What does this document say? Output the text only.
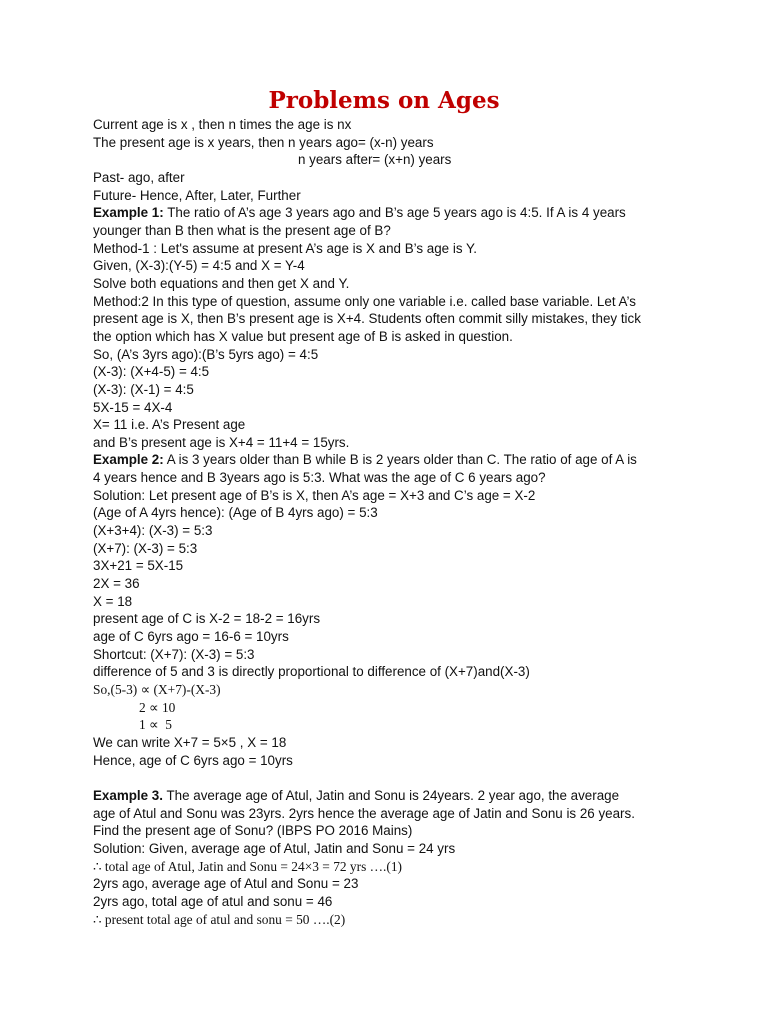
Problems on Ages
Current age is x , then n times the age is nx
The present age is x years, then n years ago= (x-n) years
n years after= (x+n) years
Past- ago, after
Future- Hence, After, Later, Further
Example 1: The ratio of A’s age 3 years ago and B’s age 5 years ago is 4:5. If A is 4 years
younger than B then what is the present age of B?
Method-1 : Let's assume at present A’s age is X and B’s age is Y.
Given, (X-3):(Y-5) = 4:5 and X = Y-4
Solve both equations and then get X and Y.
Method:2 In this type of question, assume only one variable i.e. called base variable. Let A’s
present age is X, then B’s present age is X+4. Students often commit silly mistakes, they tick
the option which has X value but present age of B is asked in question.
So, (A’s 3yrs ago):(B’s 5yrs ago) = 4:5
(X-3): (X+4-5) = 4:5
(X-3): (X-1) = 4:5
5X-15 = 4X-4
X= 11 i.e. A’s Present age
and B’s present age is X+4 = 11+4 = 15yrs.
Example 2: A is 3 years older than B while B is 2 years older than C. The ratio of age of A is
4 years hence and B 3years ago is 5:3. What was the age of C 6 years ago?
Solution: Let present age of B’s is X, then A’s age = X+3 and C’s age = X-2
(Age of A 4yrs hence): (Age of B 4yrs ago) = 5:3
(X+3+4): (X-3) = 5:3
(X+7): (X-3) = 5:3
3X+21 = 5X-15
2X = 36
X = 18
present age of C is X-2 = 18-2 = 16yrs
age of C 6yrs ago = 16-6 = 10yrs
Shortcut: (X+7): (X-3) = 5:3
difference of 5 and 3 is directly proportional to difference of (X+7)and(X-3)
So,(5-3) ∝ (X+7)-(X-3)
2 ∝ 10
1 ∝  5
We can write X+7 = 5×5 , X = 18
Hence, age of C 6yrs ago = 10yrs
Example 3. The average age of Atul, Jatin and Sonu is 24years. 2 year ago, the average
age of Atul and Sonu was 23yrs. 2yrs hence the average age of Jatin and Sonu is 26 years.
Find the present age of Sonu? (IBPS PO 2016 Mains)
Solution: Given, average age of Atul, Jatin and Sonu = 24 yrs
∴ total age of Atul, Jatin and Sonu = 24×3 = 72 yrs ….(1)
2yrs ago, average age of Atul and Sonu = 23
2yrs ago, total age of atul and sonu = 46
∴ present total age of atul and sonu = 50 ….(2)
